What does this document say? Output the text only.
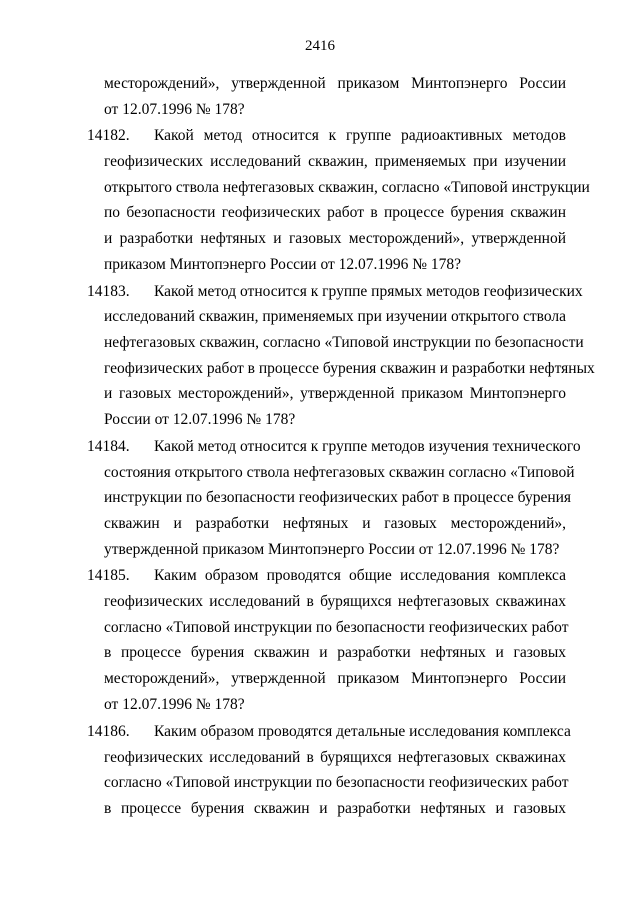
2416
месторождений», утвержденной приказом Минтопэнерго России
от 12.07.1996 № 178?
14182. Какой метод относится к группе радиоактивных методов
геофизических исследований скважин, применяемых при изучении
открытого ствола нефтегазовых скважин, согласно «Типовой инструкции
по безопасности геофизических работ в процессе бурения скважин
и разработки нефтяных и газовых месторождений», утвержденной
приказом Минтопэнерго России от 12.07.1996 № 178?
14183. Какой метод относится к группе прямых методов геофизических
исследований скважин, применяемых при изучении открытого ствола
нефтегазовых скважин, согласно «Типовой инструкции по безопасности
геофизических работ в процессе бурения скважин и разработки нефтяных
и газовых месторождений», утвержденной приказом Минтопэнерго
России от 12.07.1996 № 178?
14184. Какой метод относится к группе методов изучения технического
состояния открытого ствола нефтегазовых скважин согласно «Типовой
инструкции по безопасности геофизических работ в процессе бурения
скважин и разработки нефтяных и газовых месторождений»,
утвержденной приказом Минтопэнерго России от 12.07.1996 № 178?
14185. Каким образом проводятся общие исследования комплекса
геофизических исследований в бурящихся нефтегазовых скважинах
согласно «Типовой инструкции по безопасности геофизических работ
в процессе бурения скважин и разработки нефтяных и газовых
месторождений», утвержденной приказом Минтопэнерго России
от 12.07.1996 № 178?
14186. Каким образом проводятся детальные исследования комплекса
геофизических исследований в бурящихся нефтегазовых скважинах
согласно «Типовой инструкции по безопасности геофизических работ
в процессе бурения скважин и разработки нефтяных и газовых
